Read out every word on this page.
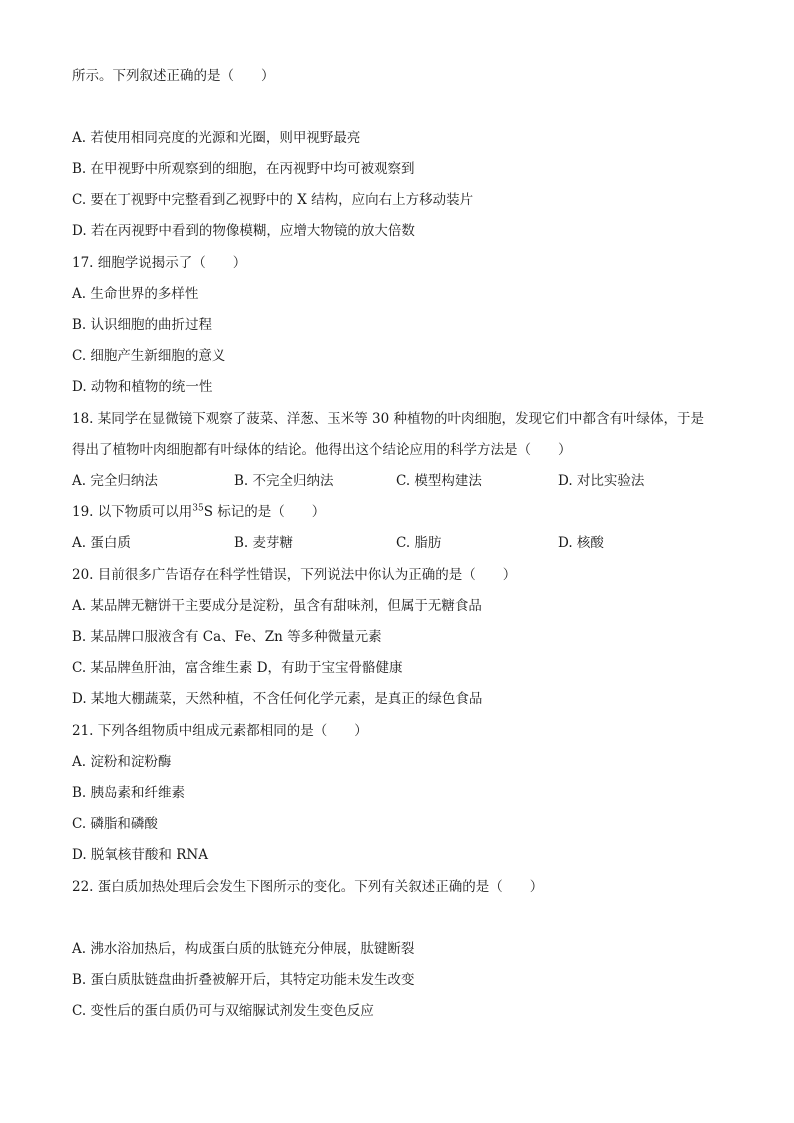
所示。下列叙述正确的是（　　）
A. 若使用相同亮度的光源和光圈，则甲视野最亮
B. 在甲视野中所观察到的细胞，在丙视野中均可被观察到
C. 要在丁视野中完整看到乙视野中的 X 结构，应向右上方移动装片
D. 若在丙视野中看到的物像模糊，应增大物镜的放大倍数
17. 细胞学说揭示了（　　）
A. 生命世界的多样性
B. 认识细胞的曲折过程
C. 细胞产生新细胞的意义
D. 动物和植物的统一性
18. 某同学在显微镜下观察了菠菜、洋葱、玉米等 30 种植物的叶肉细胞，发现它们中都含有叶绿体，于是
得出了植物叶肉细胞都有叶绿体的结论。他得出这个结论应用的科学方法是（　　）
A. 完全归纳法	B. 不完全归纳法	C. 模型构建法	D. 对比实验法
19. 以下物质可以用$^{35}$S 标记的是（　　）
A. 蛋白质	B. 麦芽糖	C. 脂肪	D. 核酸
20. 目前很多广告语存在科学性错误，下列说法中你认为正确的是（　　）
A. 某品牌无糖饼干主要成分是淀粉，虽含有甜味剂，但属于无糖食品
B. 某品牌口服液含有 Ca、Fe、Zn 等多种微量元素
C. 某品牌鱼肝油，富含维生素 D，有助于宝宝骨骼健康
D. 某地大棚蔬菜，天然种植，不含任何化学元素，是真正的绿色食品
21. 下列各组物质中组成元素都相同的是（　　）
A. 淀粉和淀粉酶
B. 胰岛素和纤维素
C. 磷脂和磷酸
D. 脱氧核苷酸和 RNA
22. 蛋白质加热处理后会发生下图所示的变化。下列有关叙述正确的是（　　）
A. 沸水浴加热后，构成蛋白质的肽链充分伸展，肽键断裂
B. 蛋白质肽链盘曲折叠被解开后，其特定功能未发生改变
C. 变性后的蛋白质仍可与双缩脲试剂发生变色反应
